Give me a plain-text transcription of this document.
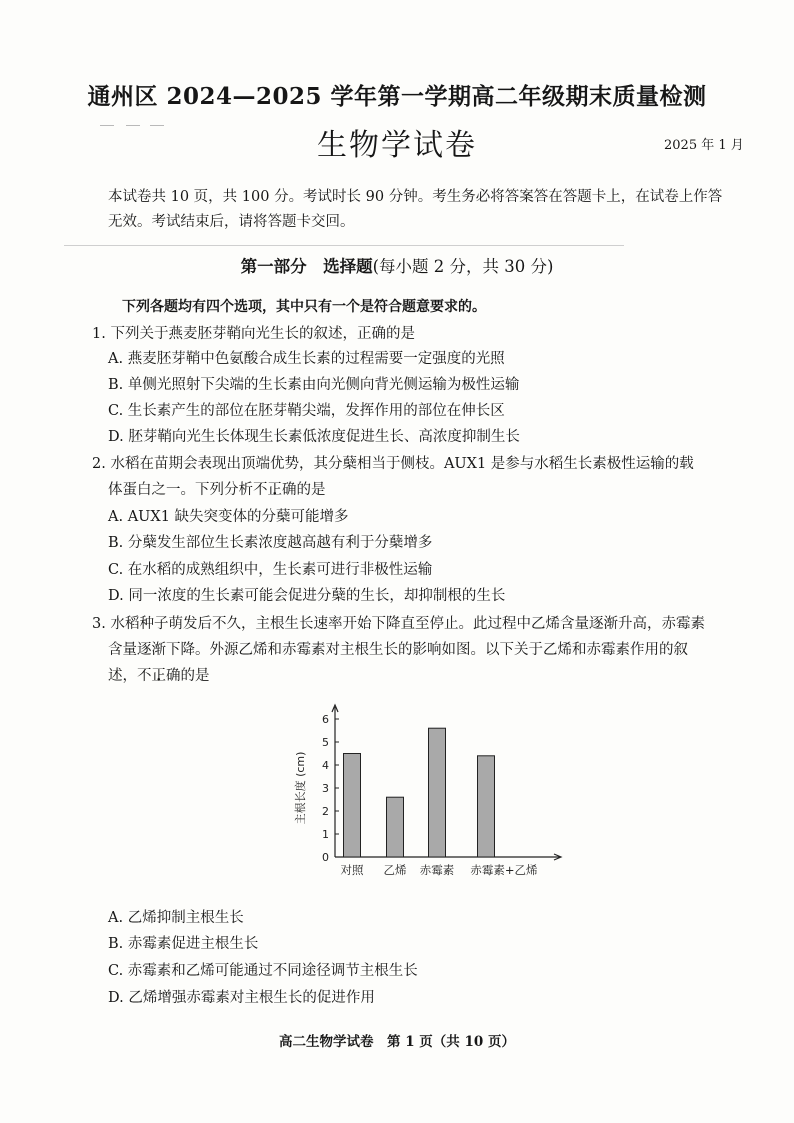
通州区 2024—2025 学年第一学期高二年级期末质量检测
生物学试卷	2025 年 1 月
本试卷共 10 页，共 100 分。考试时长 90 分钟。考生务必将答案答在答题卡上，在试卷上作答无效。考试结束后，请将答题卡交回。
第一部分　选择题(每小题 2 分，共 30 分)
下列各题均有四个选项，其中只有一个是符合题意要求的。
1. 下列关于燕麦胚芽鞘向光生长的叙述，正确的是
A. 燕麦胚芽鞘中色氨酸合成生长素的过程需要一定强度的光照
B. 单侧光照射下尖端的生长素由向光侧向背光侧运输为极性运输
C. 生长素产生的部位在胚芽鞘尖端，发挥作用的部位在伸长区
D. 胚芽鞘向光生长体现生长素低浓度促进生长、高浓度抑制生长
2. 水稻在苗期会表现出顶端优势，其分蘖相当于侧枝。AUX1 是参与水稻生长素极性运输的载
体蛋白之一。下列分析不正确的是
A. AUX1 缺失突变体的分蘖可能增多
B. 分蘖发生部位生长素浓度越高越有利于分蘖增多
C. 在水稻的成熟组织中，生长素可进行非极性运输
D. 同一浓度的生长素可能会促进分蘖的生长，却抑制根的生长
3. 水稻种子萌发后不久，主根生长速率开始下降直至停止。此过程中乙烯含量逐渐升高，赤霉素
含量逐渐下降。外源乙烯和赤霉素对主根生长的影响如图。以下关于乙烯和赤霉素作用的叙
述，不正确的是
0
1
2
3
4
5
6
主根长度 (cm)
对照 乙烯 赤霉素 赤霉素+乙烯
A. 乙烯抑制主根生长
B. 赤霉素促进主根生长
C. 赤霉素和乙烯可能通过不同途径调节主根生长
D. 乙烯增强赤霉素对主根生长的促进作用
高二生物学试卷　第 1 页（共 10 页）
